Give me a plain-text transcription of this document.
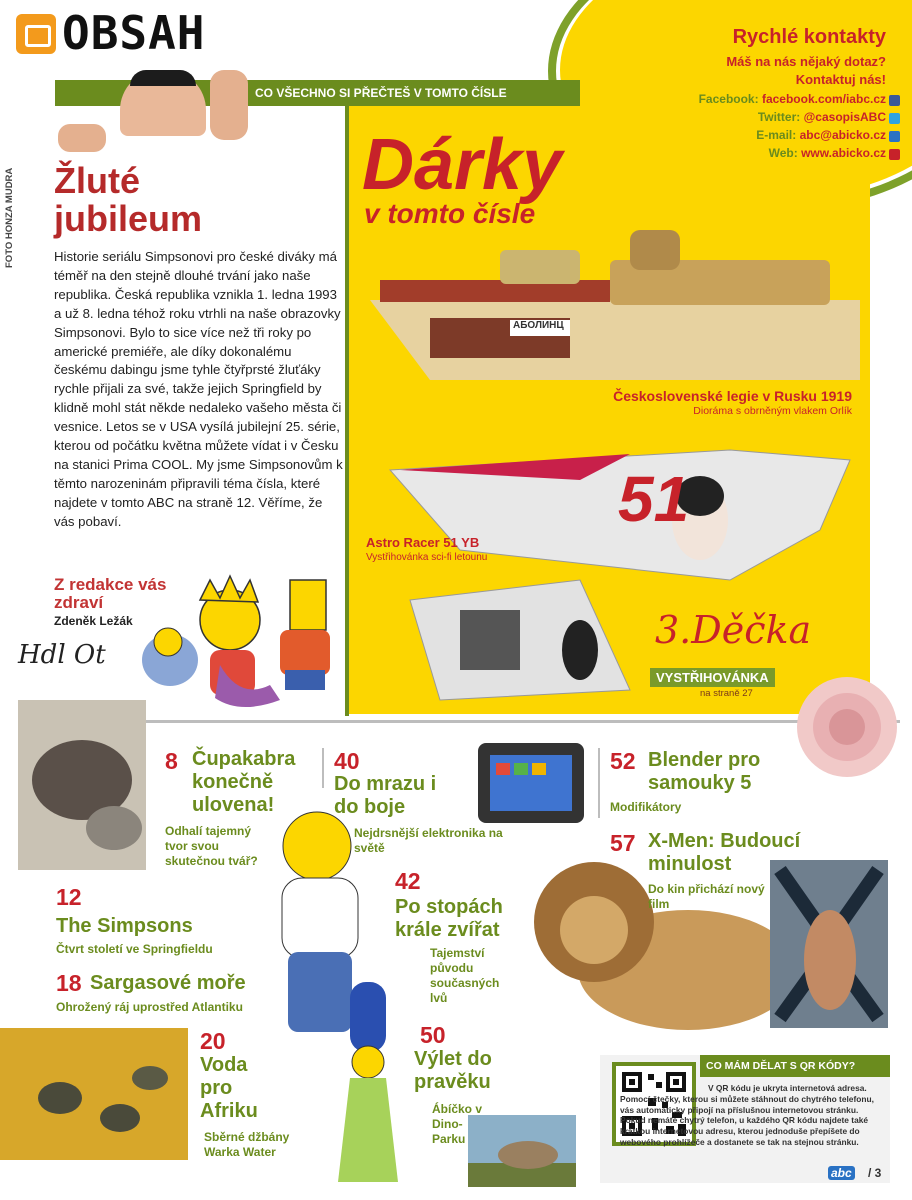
OBSAH
CO VŠECHNO SI PŘEČTEŠ V TOMTO ČÍSLE
Rychlé kontakty
Máš na nás nějaký dotaz?
Kontaktuj nás!
Facebook: facebook.com/iabc.cz
Twitter: @casopisABC
E-mail: abc@abicko.cz
Web: www.abicko.cz
FOTO HONZA MUDRA Žluté
jubileum
Historie seriálu Simpsonovi pro české diváky má téměř na den stejně dlouhé trvání jako naše republika. Česká republika vznikla 1. ledna 1993 a už 8. ledna téhož roku vtrhli na naše obrazovky Simpsonovi. Bylo to sice více než tři roky po americké premiéře, ale díky dokonalému českému dabingu jsme tyhle čtyřprsté žluťáky rychle přijali za své, takže jejich Springfield by klidně mohl stát někde nedaleko vašeho města či vesnice. Letos se v USA vysílá jubilejní 25. série, kterou od počátku května můžete vídat i v Česku na stanici Prima COOL. My jsme Simpsonovům k těmto narozeninám připravili téma čísla, které najdete v tomto ABC na straně 12. Věříme, že vás pobaví.
Z redakce vás zdraví
Zdeněk Ležák
Hdl Ot
Dárky
v tomto čísle
АБОЛИНЦ
Československé legie v Rusku 1919
Dioráma s obrněným vlakem Orlík
51
Astro Racer 51 YB
Vystřihovánka sci-fi letounu
3.Děčka
VYSTŘIHOVÁNKA
na straně 27
8 Čupakabra konečně ulovena!
Odhalí tajemný tvor svou skutečnou tvář?
40
Do mrazu i do boje
Nejdrsnější elektronika na světě
52 Blender pro samouky 5
Modifikátory
57 X-Men: Budoucí minulost
Do kin přichází nový film
12
The Simpsons
Čtvrt století ve Springfieldu
42
Po stopách krále zvířat
Tajemství původu současných lvů
18 Sargasové moře
Ohrožený ráj uprostřed Atlantiku
20
Voda pro Afriku
Sběrné džbány Warka Water
50
Výlet do pravěku
Ábíčko v Dino-Parku
CO MÁM DĚLAT S QR KÓDY?
V QR kódu je ukryta internetová adresa. Pomocí čtečky, kterou si můžete stáhnout do chytrého telefonu, vás automaticky připojí na příslušnou internetovou stránku. Pokud nemáte chytrý telefon, u každého QR kódu najdete také krátkou internetovou adresu, kterou jednoduše přepíšete do webového prohlížeče a dostanete se tak na stejnou stránku.
abc / 3
